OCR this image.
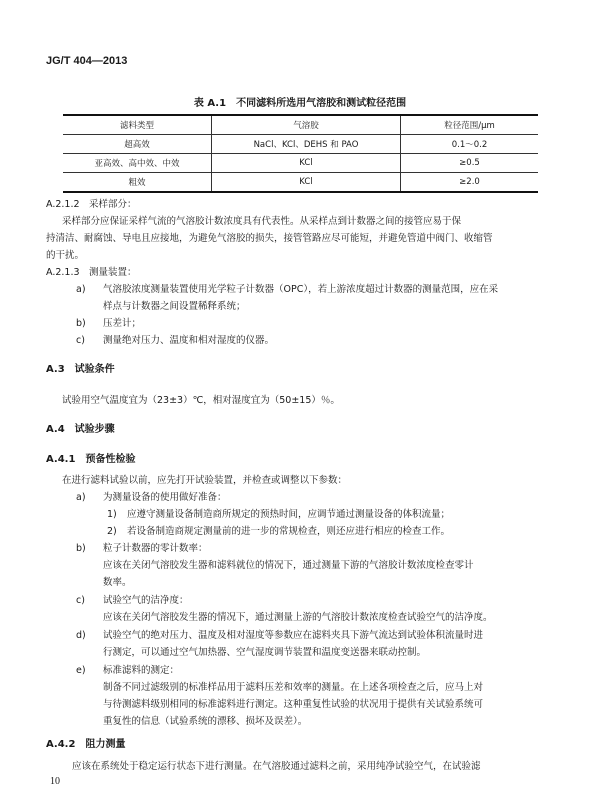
JG/T 404—2013
表 A.1　不同滤料所选用气溶胶和测试粒径范围
滤料类型	气溶胶	粒径范围/μm
超高效	NaCl、KCl、DEHS 和 PAO	0.1～0.2
亚高效、高中效、中效	KCl	≥0.5
粗效	KCl	≥2.0
A.2.1.2　采样部分：
采样部分应保证采样气流的气溶胶计数浓度具有代表性。从采样点到计数器之间的接管应易于保
持清洁、耐腐蚀、导电且应接地，为避免气溶胶的损失，接管管路应尽可能短，并避免管道中阀门、收缩管
的干扰。
A.2.1.3　测量装置：
a) 气溶胶浓度测量装置使用光学粒子计数器（OPC），若上游浓度超过计数器的测量范围，应在采
样点与计数器之间设置稀释系统；
b) 压差计；
c) 测量绝对压力、温度和相对湿度的仪器。
A.3　试验条件
试验用空气温度宜为（23±3）℃，相对湿度宜为（50±15）％。
A.4　试验步骤
A.4.1　预备性检验
在进行滤料试验以前，应先打开试验装置，并检查或调整以下参数：
a) 为测量设备的使用做好准备：
1) 应遵守测量设备制造商所规定的预热时间，应调节通过测量设备的体积流量；
2) 若设备制造商规定测量前的进一步的常规检查，则还应进行相应的检查工作。
b) 粒子计数器的零计数率：
应该在关闭气溶胶发生器和滤料就位的情况下，通过测量下游的气溶胶计数浓度检查零计
数率。
c) 试验空气的洁净度：
应该在关闭气溶胶发生器的情况下，通过测量上游的气溶胶计数浓度检查试验空气的洁净度。
d) 试验空气的绝对压力、温度及相对湿度等参数应在滤料夹具下游气流达到试验体积流量时进
行测定，可以通过空气加热器、空气湿度调节装置和温度变送器来联动控制。
e) 标准滤料的测定：
制备不同过滤级别的标准样品用于滤料压差和效率的测量。在上述各项检查之后，应马上对
与待测滤料级别相同的标准滤料进行测定。这种重复性试验的状况用于提供有关试验系统可
重复性的信息（试验系统的漂移、损坏及误差）。
A.4.2　阻力测量
应该在系统处于稳定运行状态下进行测量。在气溶胶通过滤料之前，采用纯净试验空气，在试验滤
10
